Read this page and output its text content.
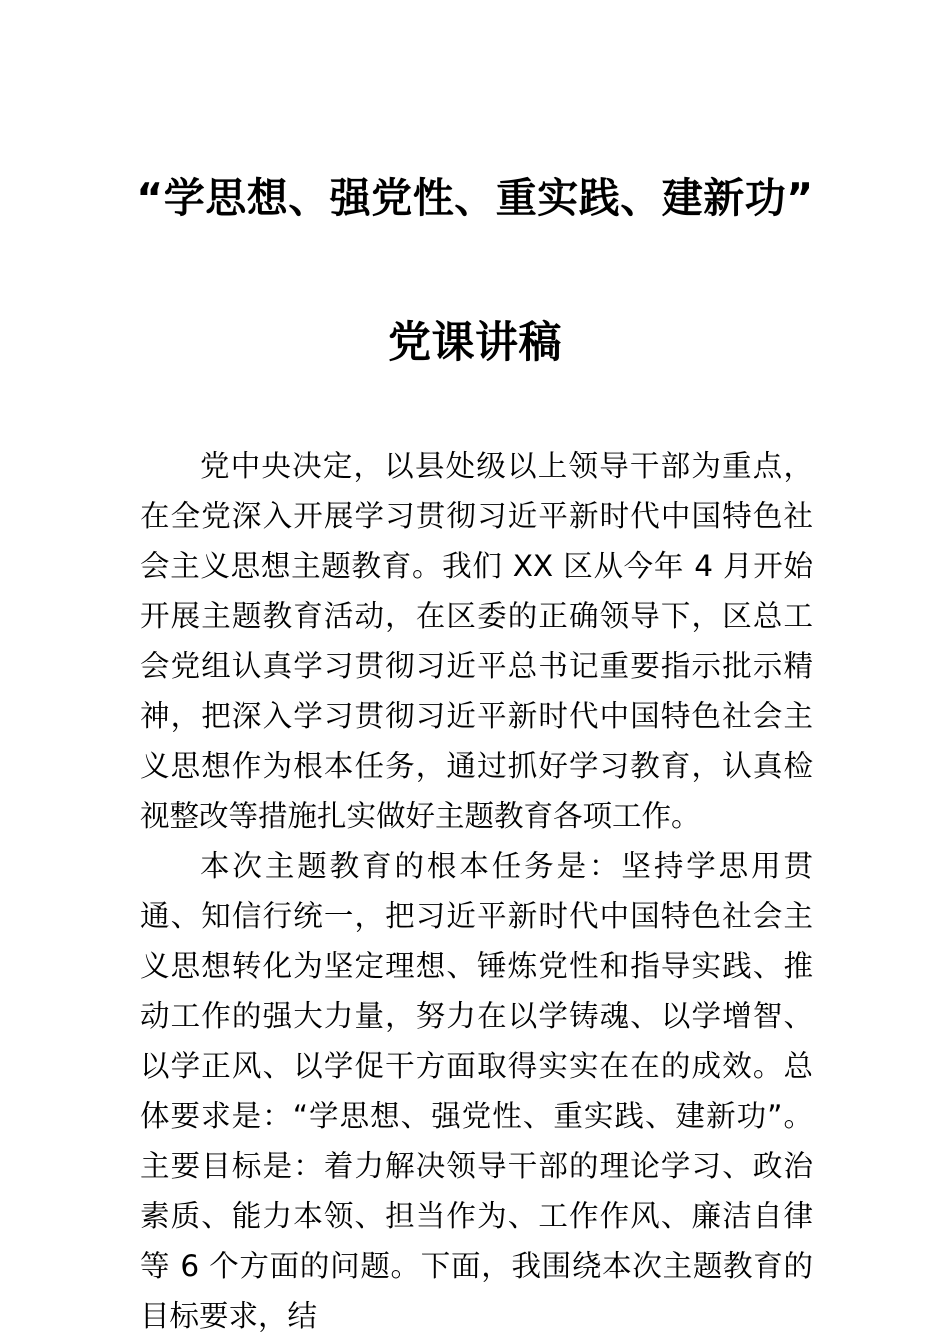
“学思想、强党性、重实践、建新功”
党课讲稿

党中央决定，以县处级以上领导干部为重点，在全党深入开展学习贯彻习近平新时代中国特色社会主义思想主题教育。我们 XX 区从今年 4 月开始开展主题教育活动，在区委的正确领导下，区总工会党组认真学习贯彻习近平总书记重要指示批示精神，把深入学习贯彻习近平新时代中国特色社会主义思想作为根本任务，通过抓好学习教育，认真检视整改等措施扎实做好主题教育各项工作。

本次主题教育的根本任务是：坚持学思用贯通、知信行统一，把习近平新时代中国特色社会主义思想转化为坚定理想、锤炼党性和指导实践、推动工作的强大力量，努力在以学铸魂、以学增智、以学正风、以学促干方面取得实实在在的成效。总体要求是：“学思想、强党性、重实践、建新功”。主要目标是：着力解决领导干部的理论学习、政治素质、能力本领、担当作为、工作作风、廉洁自律等 6 个方面的问题。下面，我围绕本次主题教育的目标要求，结
